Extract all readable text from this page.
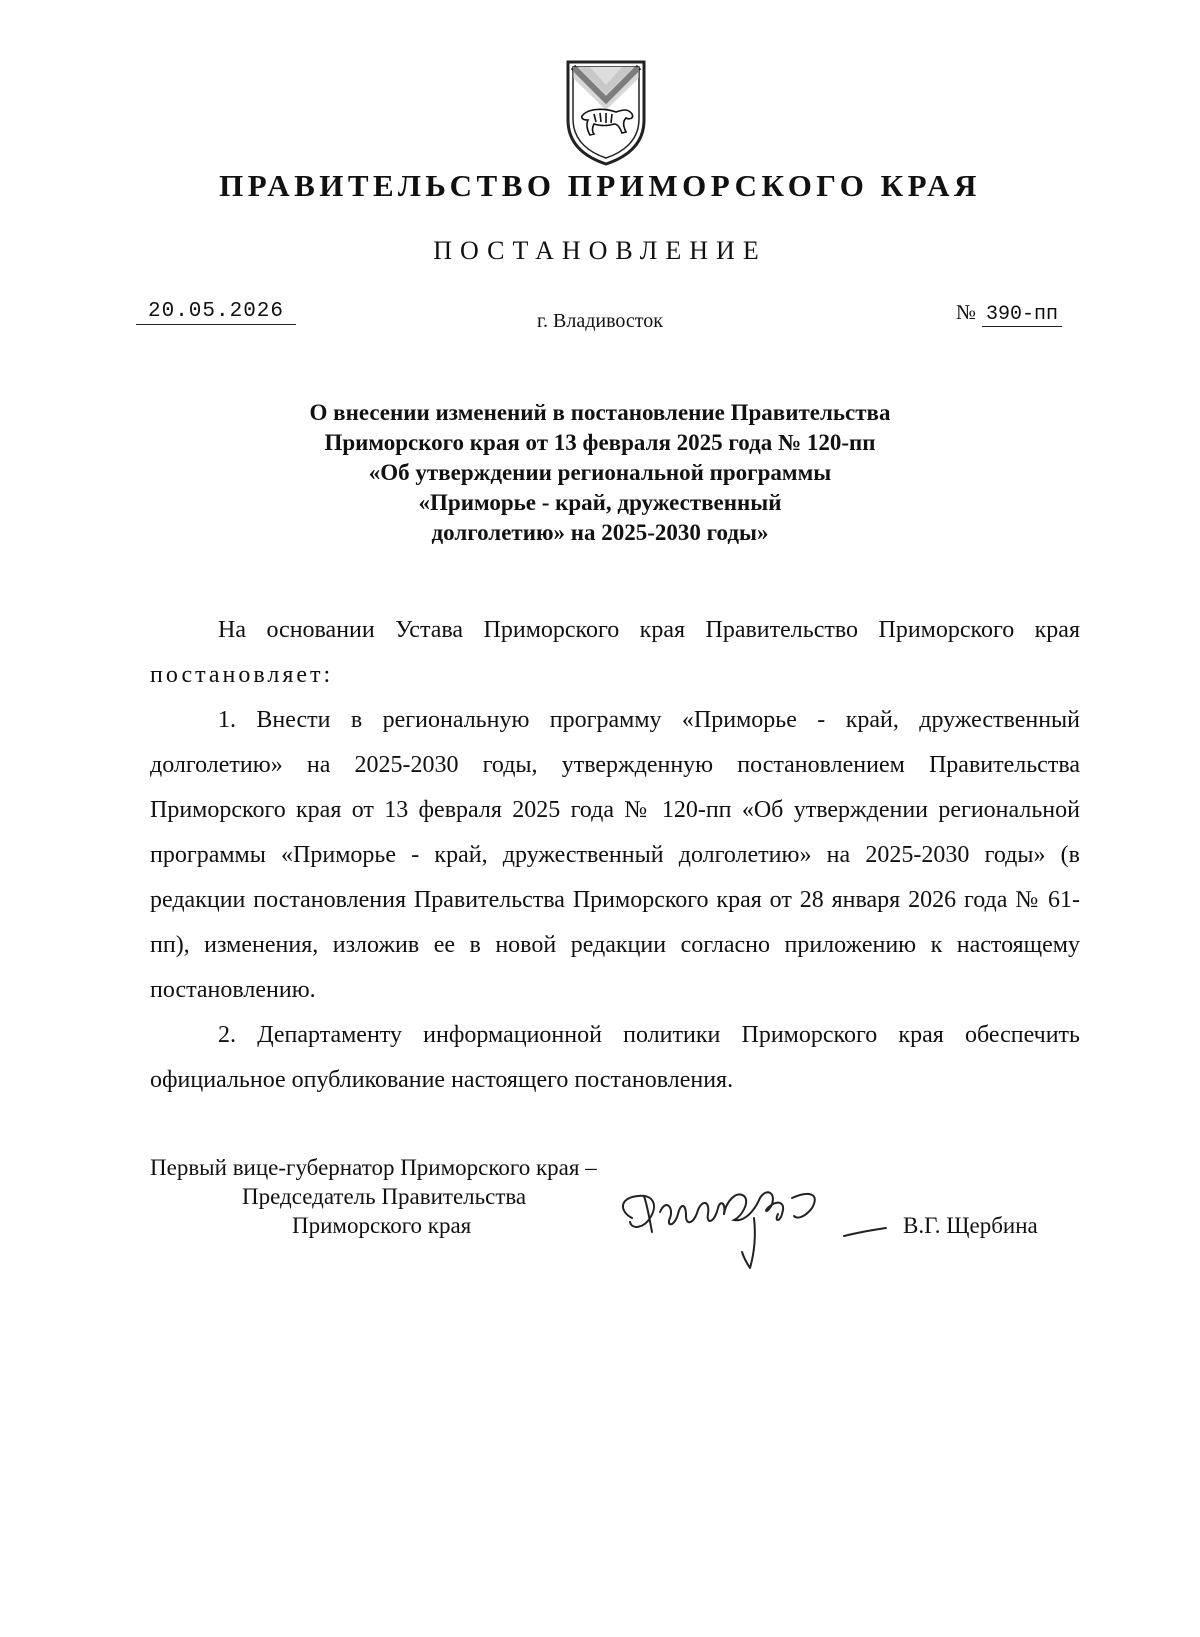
ПРАВИТЕЛЬСТВО ПРИМОРСКОГО КРАЯ
ПОСТАНОВЛЕНИЕ
20.05.2026	г. Владивосток	№ 390-пп
О внесении изменений в постановление Правительства
Приморского края от 13 февраля 2025 года № 120-пп
«Об утверждении региональной программы
«Приморье - край, дружественный
долголетию» на 2025-2030 годы»

На основании Устава Приморского края Правительство Приморского края постановляет:

1. Внести в региональную программу «Приморье - край, дружественный долголетию» на 2025-2030 годы, утвержденную постановлением Правительства Приморского края от 13 февраля 2025 года № 120-пп «Об утверждении региональной программы «Приморье - край, дружественный долголетию» на 2025-2030 годы» (в редакции постановления Правительства Приморского края от 28 января 2026 года № 61-пп), изменения, изложив ее в новой редакции согласно приложению к настоящему постановлению.

2. Департаменту информационной политики Приморского края обеспечить официальное опубликование настоящего постановления.

Первый вице-губернатор Приморского края –
Председатель Правительства
Приморского края	В.Г. Щербина
